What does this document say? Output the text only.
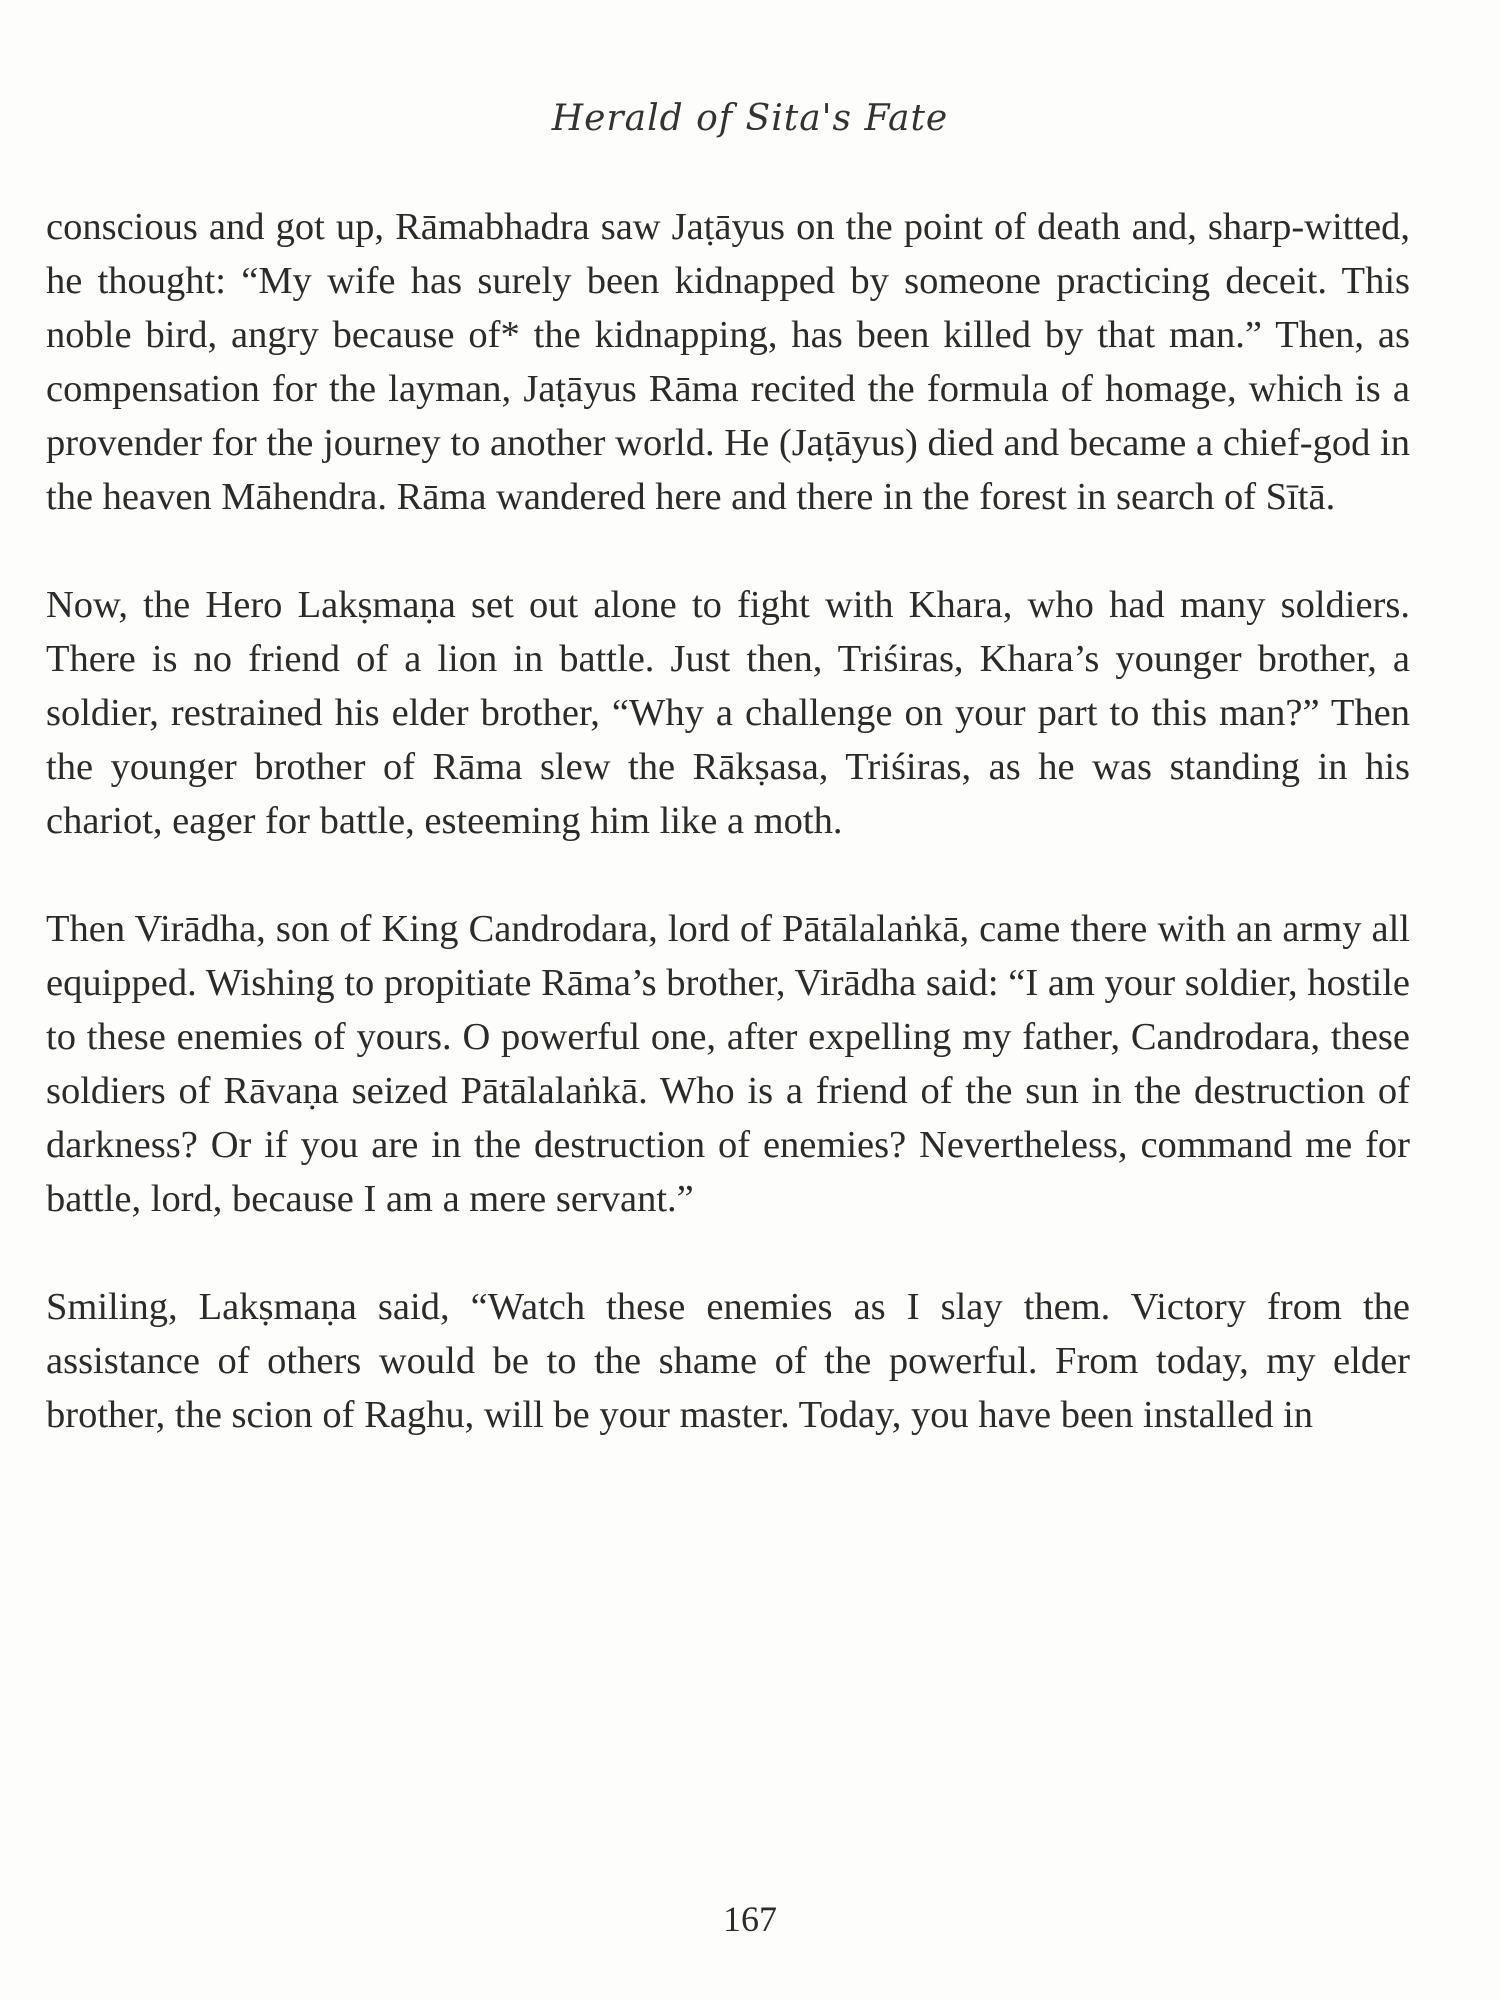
Herald of Sita's Fate

conscious and got up, Rāmabhadra saw Jaṭāyus on the point of death and, sharp-witted, he thought: “My wife has surely been kidnapped by someone practicing deceit. This noble bird, angry because of* the kidnapping, has been killed by that man.” Then, as compensation for the layman, Jaṭāyus Rāma recited the formula of homage, which is a provender for the journey to another world. He (Jaṭāyus) died and became a chief-god in the heaven Māhendra. Rāma wandered here and there in the forest in search of Sītā.

Now, the Hero Lakṣmaṇa set out alone to fight with Khara, who had many soldiers. There is no friend of a lion in battle. Just then, Triśiras, Khara’s younger brother, a soldier, restrained his elder brother, “Why a challenge on your part to this man?” Then the younger brother of Rāma slew the Rākṣasa, Triśiras, as he was standing in his chariot, eager for battle, esteeming him like a moth.

Then Virādha, son of King Candrodara, lord of Pātālalaṅkā, came there with an army all equipped. Wishing to propitiate Rāma’s brother, Virādha said: “I am your soldier, hostile to these enemies of yours. O powerful one, after expelling my father, Candrodara, these soldiers of Rāvaṇa seized Pātālalaṅkā. Who is a friend of the sun in the destruction of darkness? Or if you are in the destruction of enemies? Nevertheless, command me for battle, lord, because I am a mere servant.”

Smiling, Lakṣmaṇa said, “Watch these enemies as I slay them. Victory from the assistance of others would be to the shame of the powerful. From today, my elder brother, the scion of Raghu, will be your master. Today, you have been installed in

167
